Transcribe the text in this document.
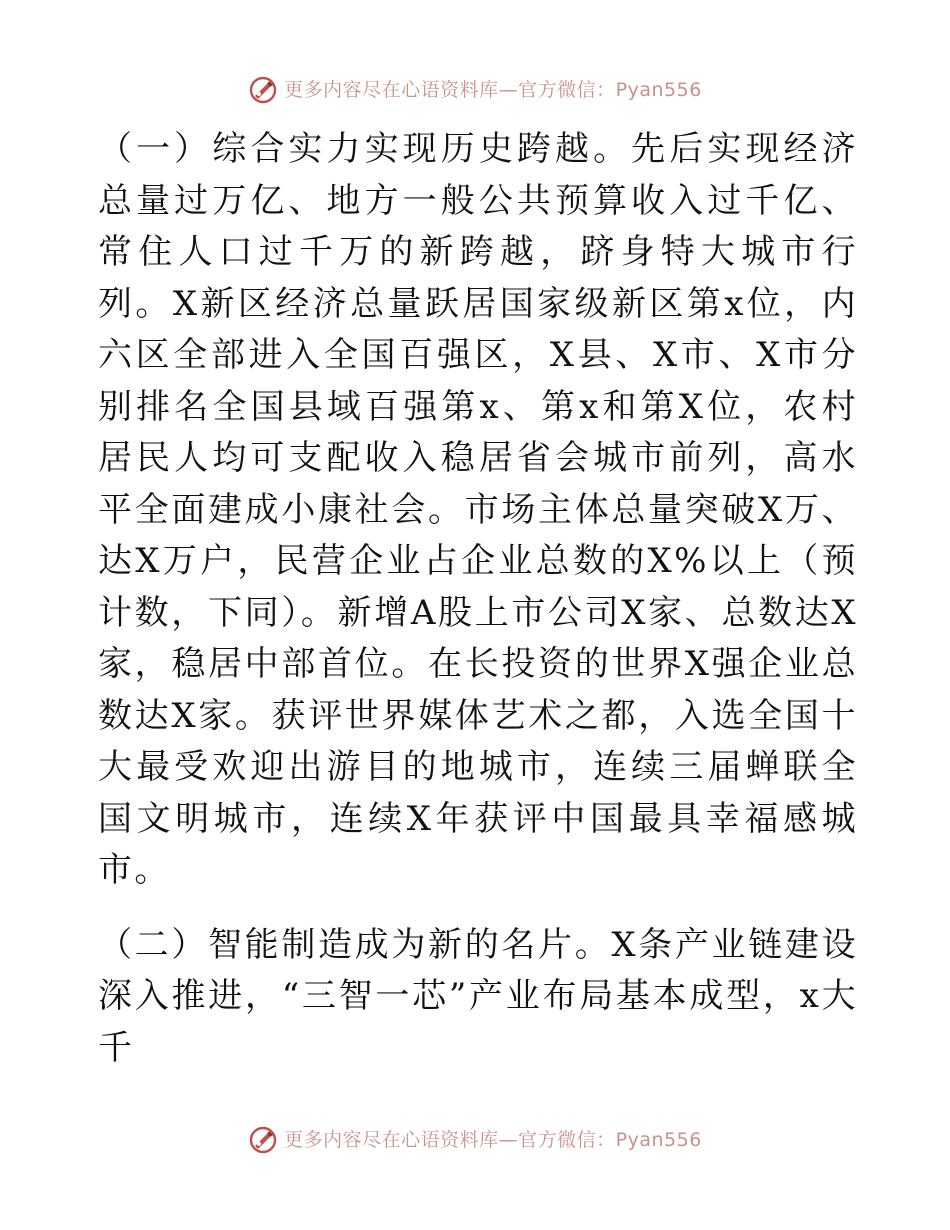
更多内容尽在心语资料库—官方微信：Pyan556

（一）综合实力实现历史跨越。先后实现经济总量过万亿、地方一般公共预算收入过千亿、常住人口过千万的新跨越，跻身特大城市行列。X新区经济总量跃居国家级新区第x位，内六区全部进入全国百强区，X县、X市、X市分别排名全国县域百强第x、第x和第X位，农村居民人均可支配收入稳居省会城市前列，高水平全面建成小康社会。市场主体总量突破X万、达X万户，民营企业占企业总数的X%以上（预计数，下同）。新增A股上市公司X家、总数达X家，稳居中部首位。在长投资的世界X强企业总数达X家。获评世界媒体艺术之都，入选全国十大最受欢迎出游目的地城市，连续三届蝉联全国文明城市，连续X年获评中国最具幸福感城市。

（二）智能制造成为新的名片。X条产业链建设深入推进，“三智一芯”产业布局基本成型，x大千

更多内容尽在心语资料库—官方微信：Pyan556
